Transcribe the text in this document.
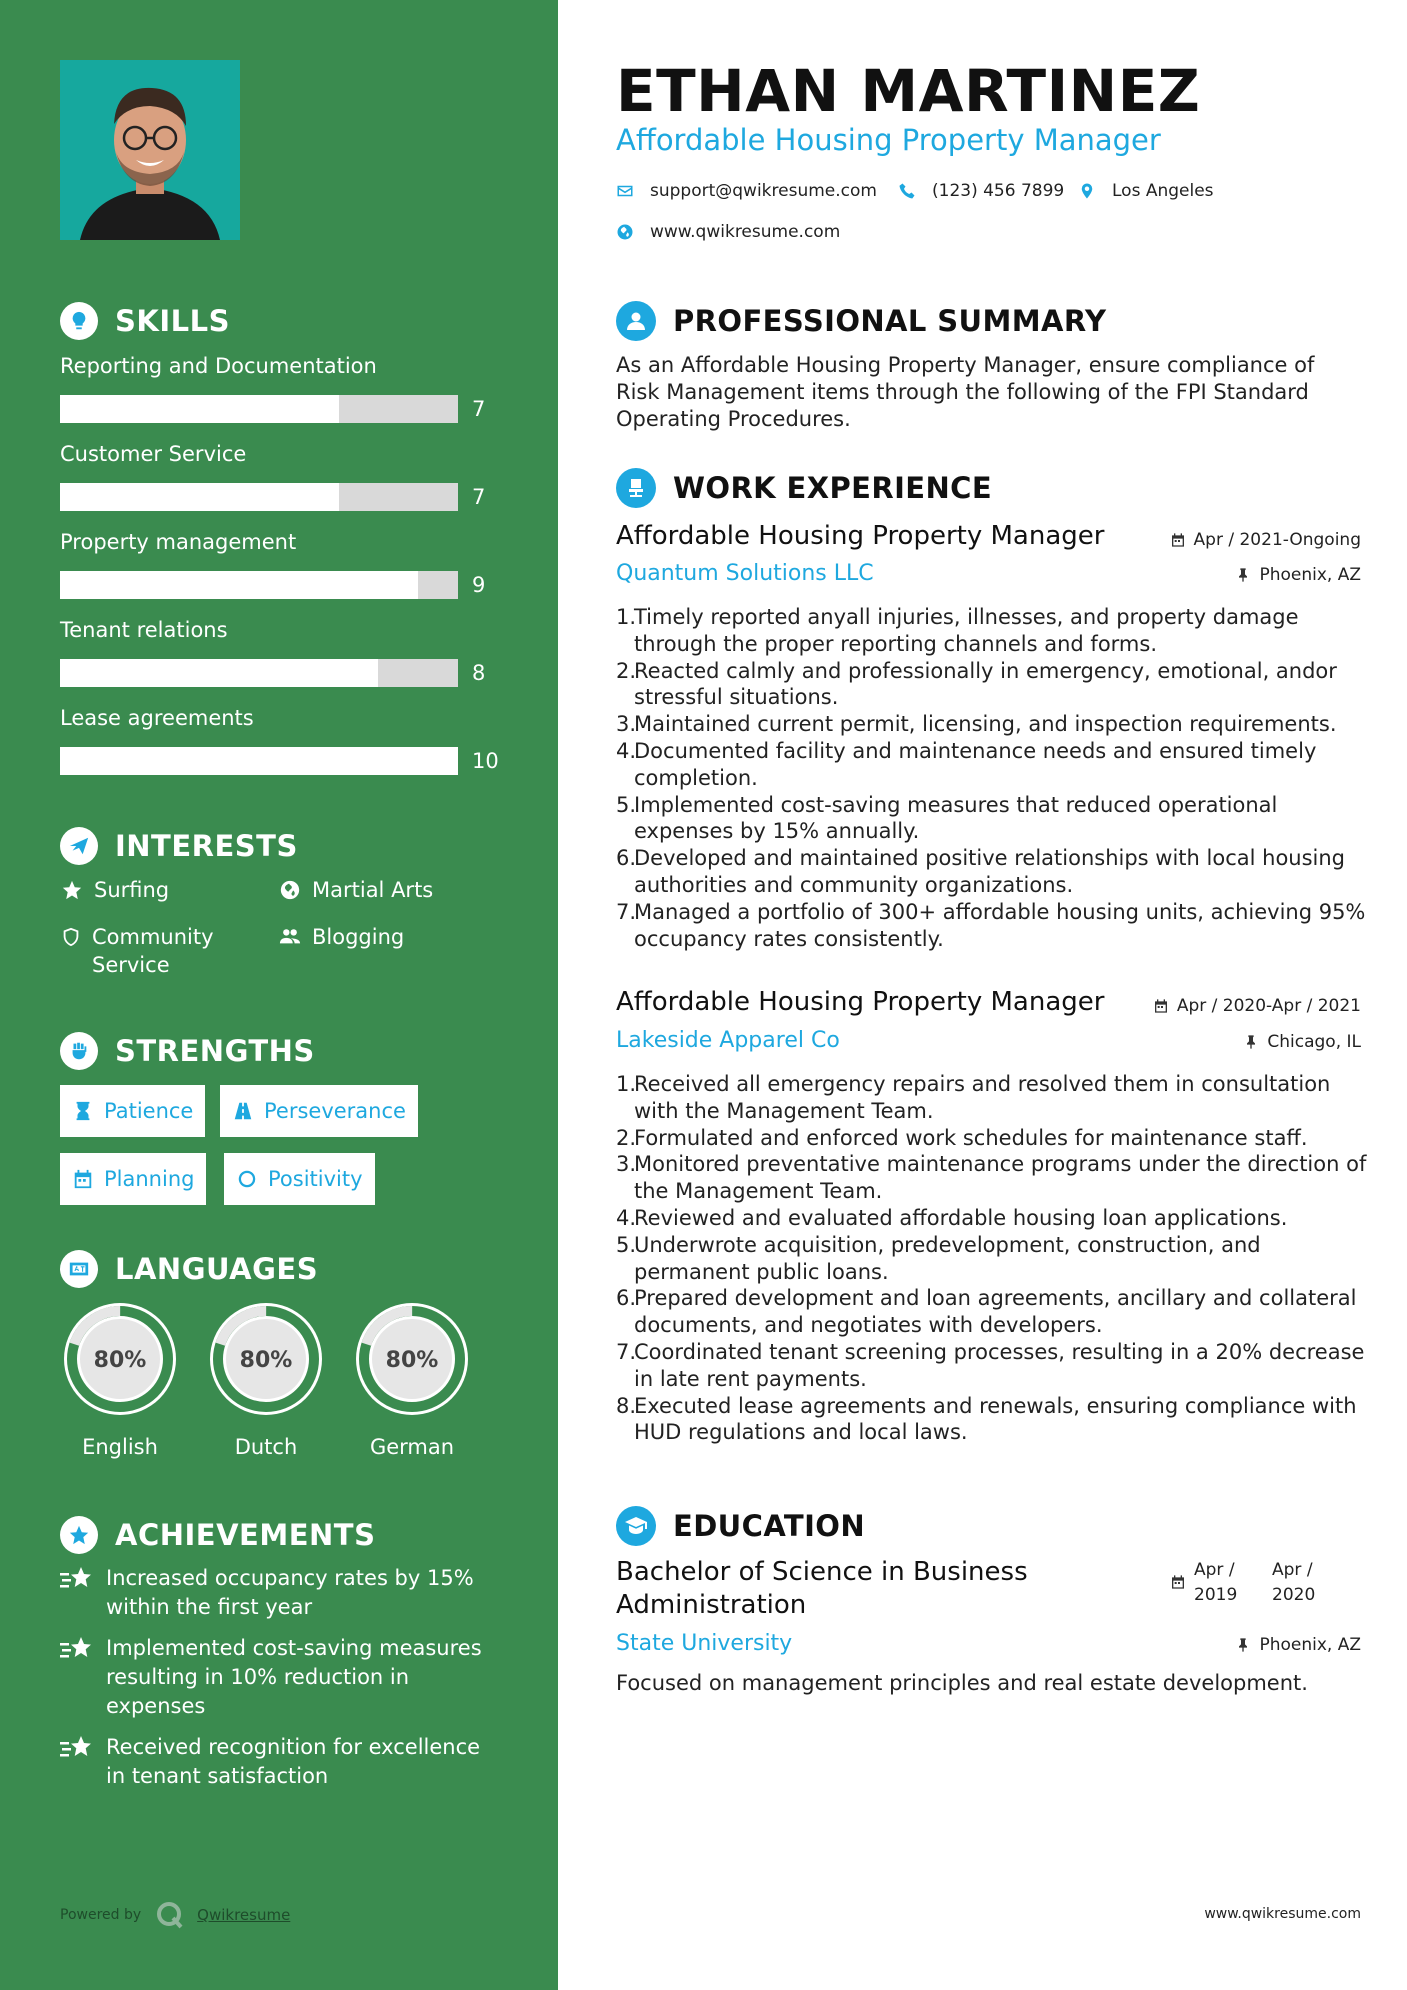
SKILLS
Reporting and Documentation
7
Customer Service
7
Property management
9
Tenant relations
8
Lease agreements
10
INTERESTS
Surfing	Martial Arts
Community Service
Blogging
STRENGTHS
Patience	Perseverance
Planning	Positivity
LANGUAGES
80%
English
80%
Dutch
80%
German
ACHIEVEMENTS
Increased occupancy rates by 15% within the first year
Implemented cost-saving measures resulting in 10% reduction in expenses
Received recognition for excellence in tenant satisfaction
Powered by	Qwikresume
ETHAN MARTINEZ
Affordable Housing Property Manager
support@qwikresume.com	(123) 456 7899	Los Angeles
www.qwikresume.com
PROFESSIONAL SUMMARY
As an Affordable Housing Property Manager, ensure compliance of Risk Management items through the following of the FPI Standard Operating Procedures.
WORK EXPERIENCE
Affordable Housing Property Manager	Apr / 2021-Ongoing
Quantum Solutions LLC	Phoenix, AZ
1.
Timely reported anyall injuries, illnesses, and property damage through the proper reporting channels and forms.
2.
Reacted calmly and professionally in emergency, emotional, andor stressful situations.
3.
Maintained current permit, licensing, and inspection requirements.
4.
Documented facility and maintenance needs and ensured timely completion.
5.
Implemented cost-saving measures that reduced operational expenses by 15% annually.
6.
Developed and maintained positive relationships with local housing authorities and community organizations.
7.
Managed a portfolio of 300+ affordable housing units, achieving 95% occupancy rates consistently.
Affordable Housing Property Manager	Apr / 2020-Apr / 2021
Lakeside Apparel Co	Chicago, IL
1.
Received all emergency repairs and resolved them in consultation with the Management Team.
2.
Formulated and enforced work schedules for maintenance staff.
3.
Monitored preventative maintenance programs under the direction of the Management Team.
4.
Reviewed and evaluated affordable housing loan applications.
5.
Underwrote acquisition, predevelopment, construction, and permanent public loans.
6.
Prepared development and loan agreements, ancillary and collateral documents, and negotiates with developers.
7.
Coordinated tenant screening processes, resulting in a 20% decrease in late rent payments.
8.
Executed lease agreements and renewals, ensuring compliance with HUD regulations and local laws.
EDUCATION
Bachelor of Science in Business Administration
Apr / 2019
Apr / 2020
State University	Phoenix, AZ
Focused on management principles and real estate development.
www.qwikresume.com
